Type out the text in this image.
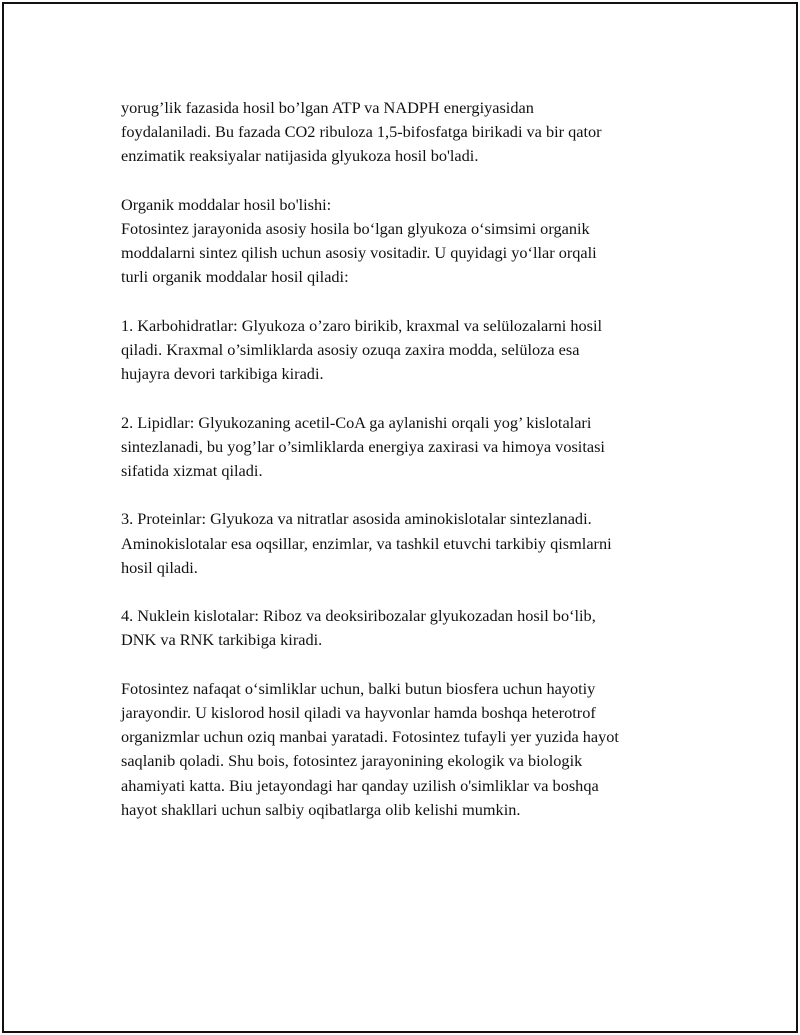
yorug’lik fazasida hosil bo’lgan ATP va NADPH energiyasidan
foydalaniladi. Bu fazada CO2 ribuloza 1,5-bifosfatga birikadi va bir qator
enzimatik reaksiyalar natijasida glyukoza hosil bo'ladi.

Organik moddalar hosil bo'lishi:

Fotosintez jarayonida asosiy hosila bo‘lgan glyukoza o‘simsimi organik
moddalarni sintez qilish uchun asosiy vositadir. U quyidagi yo‘llar orqali
turli organik moddalar hosil qiladi:

1. Karbohidratlar: Glyukoza o’zaro birikib, kraxmal va selülozalarni hosil
qiladi. Kraxmal o’simliklarda asosiy ozuqa zaxira modda, selüloza esa
hujayra devori tarkibiga kiradi.

2. Lipidlar: Glyukozaning acetil-CoA ga aylanishi orqali yog’ kislotalari
sintezlanadi, bu yog’lar o’simliklarda energiya zaxirasi va himoya vositasi
sifatida xizmat qiladi.

3. Proteinlar: Glyukoza va nitratlar asosida aminokislotalar sintezlanadi.
Aminokislotalar esa oqsillar, enzimlar, va tashkil etuvchi tarkibiy qismlarni
hosil qiladi.

4. Nuklein kislotalar: Riboz va deoksiribozalar glyukozadan hosil bo‘lib,
DNK va RNK tarkibiga kiradi.

Fotosintez nafaqat o‘simliklar uchun, balki butun biosfera uchun hayotiy
jarayondir. U kislorod hosil qiladi va hayvonlar hamda boshqa heterotrof
organizmlar uchun oziq manbai yaratadi. Fotosintez tufayli yer yuzida hayot
saqlanib qoladi. Shu bois, fotosintez jarayonining ekologik va biologik
ahamiyati katta. Biu jetayondagi har qanday uzilish o'simliklar va boshqa
hayot shakllari uchun salbiy oqibatlarga olib kelishi mumkin.
